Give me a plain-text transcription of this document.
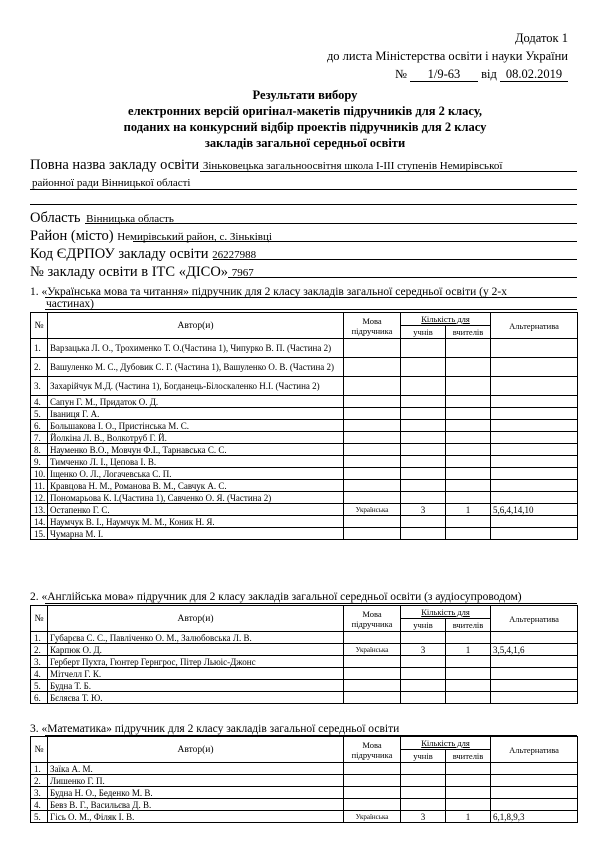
Додаток 1
до листа Міністерства освіти і науки України
№ 1/9-63 від 08.02.2019
Результати вибору
електронних версій оригінал-макетів підручників для 2 класу,
поданих на конкурсний відбір проектів підручників для 2 класу
закладів загальної середньої освіти
Повна назва закладу освіти Зіньковецька загальноосвітня школа І-ІІІ ступенів Немирівської
районної ради Вінницької області
Область Вінницька область
Район (місто) Немирівський район, с. Зіньківці
Код ЄДРПОУ закладу освіти 26227988
№ закладу освіти в ІТС «ДІСО» 7967
1. «Українська мова та читання» підручник для 2 класу закладів загальної середньої освіти (у 2-х
частинах)
2. «Англійська мова» підручник для 2 класу закладів загальної середньої освіти (з аудіосупроводом)
3. «Математика» підручник для 2 класу закладів загальної середньої освіти
№	Автор(и)	Мова
підручника	Кількість для		Альтернатива
			учнів	вчителів	
1.	Варзацька Л. О., Трохименко Т. О.(Частина 1), Чипурко В. П. (Частина 2)				
2.	Вашуленко М. С., Дубовик С. Г. (Частина 1), Вашуленко О. В. (Частина 2)				
3.	Захарійчук М.Д. (Частина 1), Богданець-Білоскаленко Н.І. (Частина 2)				
4.	Сапун Г. М., Придаток О. Д.				
5.	Іваниця Г. А.				
6.	Большакова І. О., Пристінська М. С.				
7.	Йолкіна Л. В., Волкотруб Г. Й.				
8.	Науменко В.О., Мовчун Ф.І., Тарнавська С. С.				
9.	Тимченко Л. І., Цепова І. В.				
10.	Іщенко О. Л., Логачевська С. П.				
11.	Кравцова Н. М., Романова В. М., Савчук А. С.				
12.	Пономарьова К. І.(Частина 1), Савченко О. Я. (Частина 2)				
13.	Остапенко Г. С.	Українська	3	1	5,6,4,14,10
14.	Наумчук В. І., Наумчук М. М., Коник Н. Я.				
15.	Чумарна М. І.				
№	Автор(и)	Мова
підручника	Кількість для		Альтернатива
			учнів	вчителів	
1.	Губарєва С. С., Павліченко О. М., Залюбовська Л. В.				
2.	Карпюк О. Д.	Українська	3	1	3,5,4,1,6
3.	Герберт Пухта, Гюнтер Гернгрос, Пітер Льюіс-Джонс				
4.	Мітчелл Г. К.				
5.	Будна Т. Б.				
6.	Бєляєва Т. Ю.				
№	Автор(и)	Мова
підручника	Кількість для		Альтернатива
			учнів	вчителів	
1.	Заїка А. М.				
2.	Лишенко Г. П.				
3.	Будна Н. О., Беденко М. В.				
4.	Бевз В. Г., Васильєва Д. В.				
5.	Гісь О. М., Філяк І. В.	Українська	3	1	6,1,8,9,3
